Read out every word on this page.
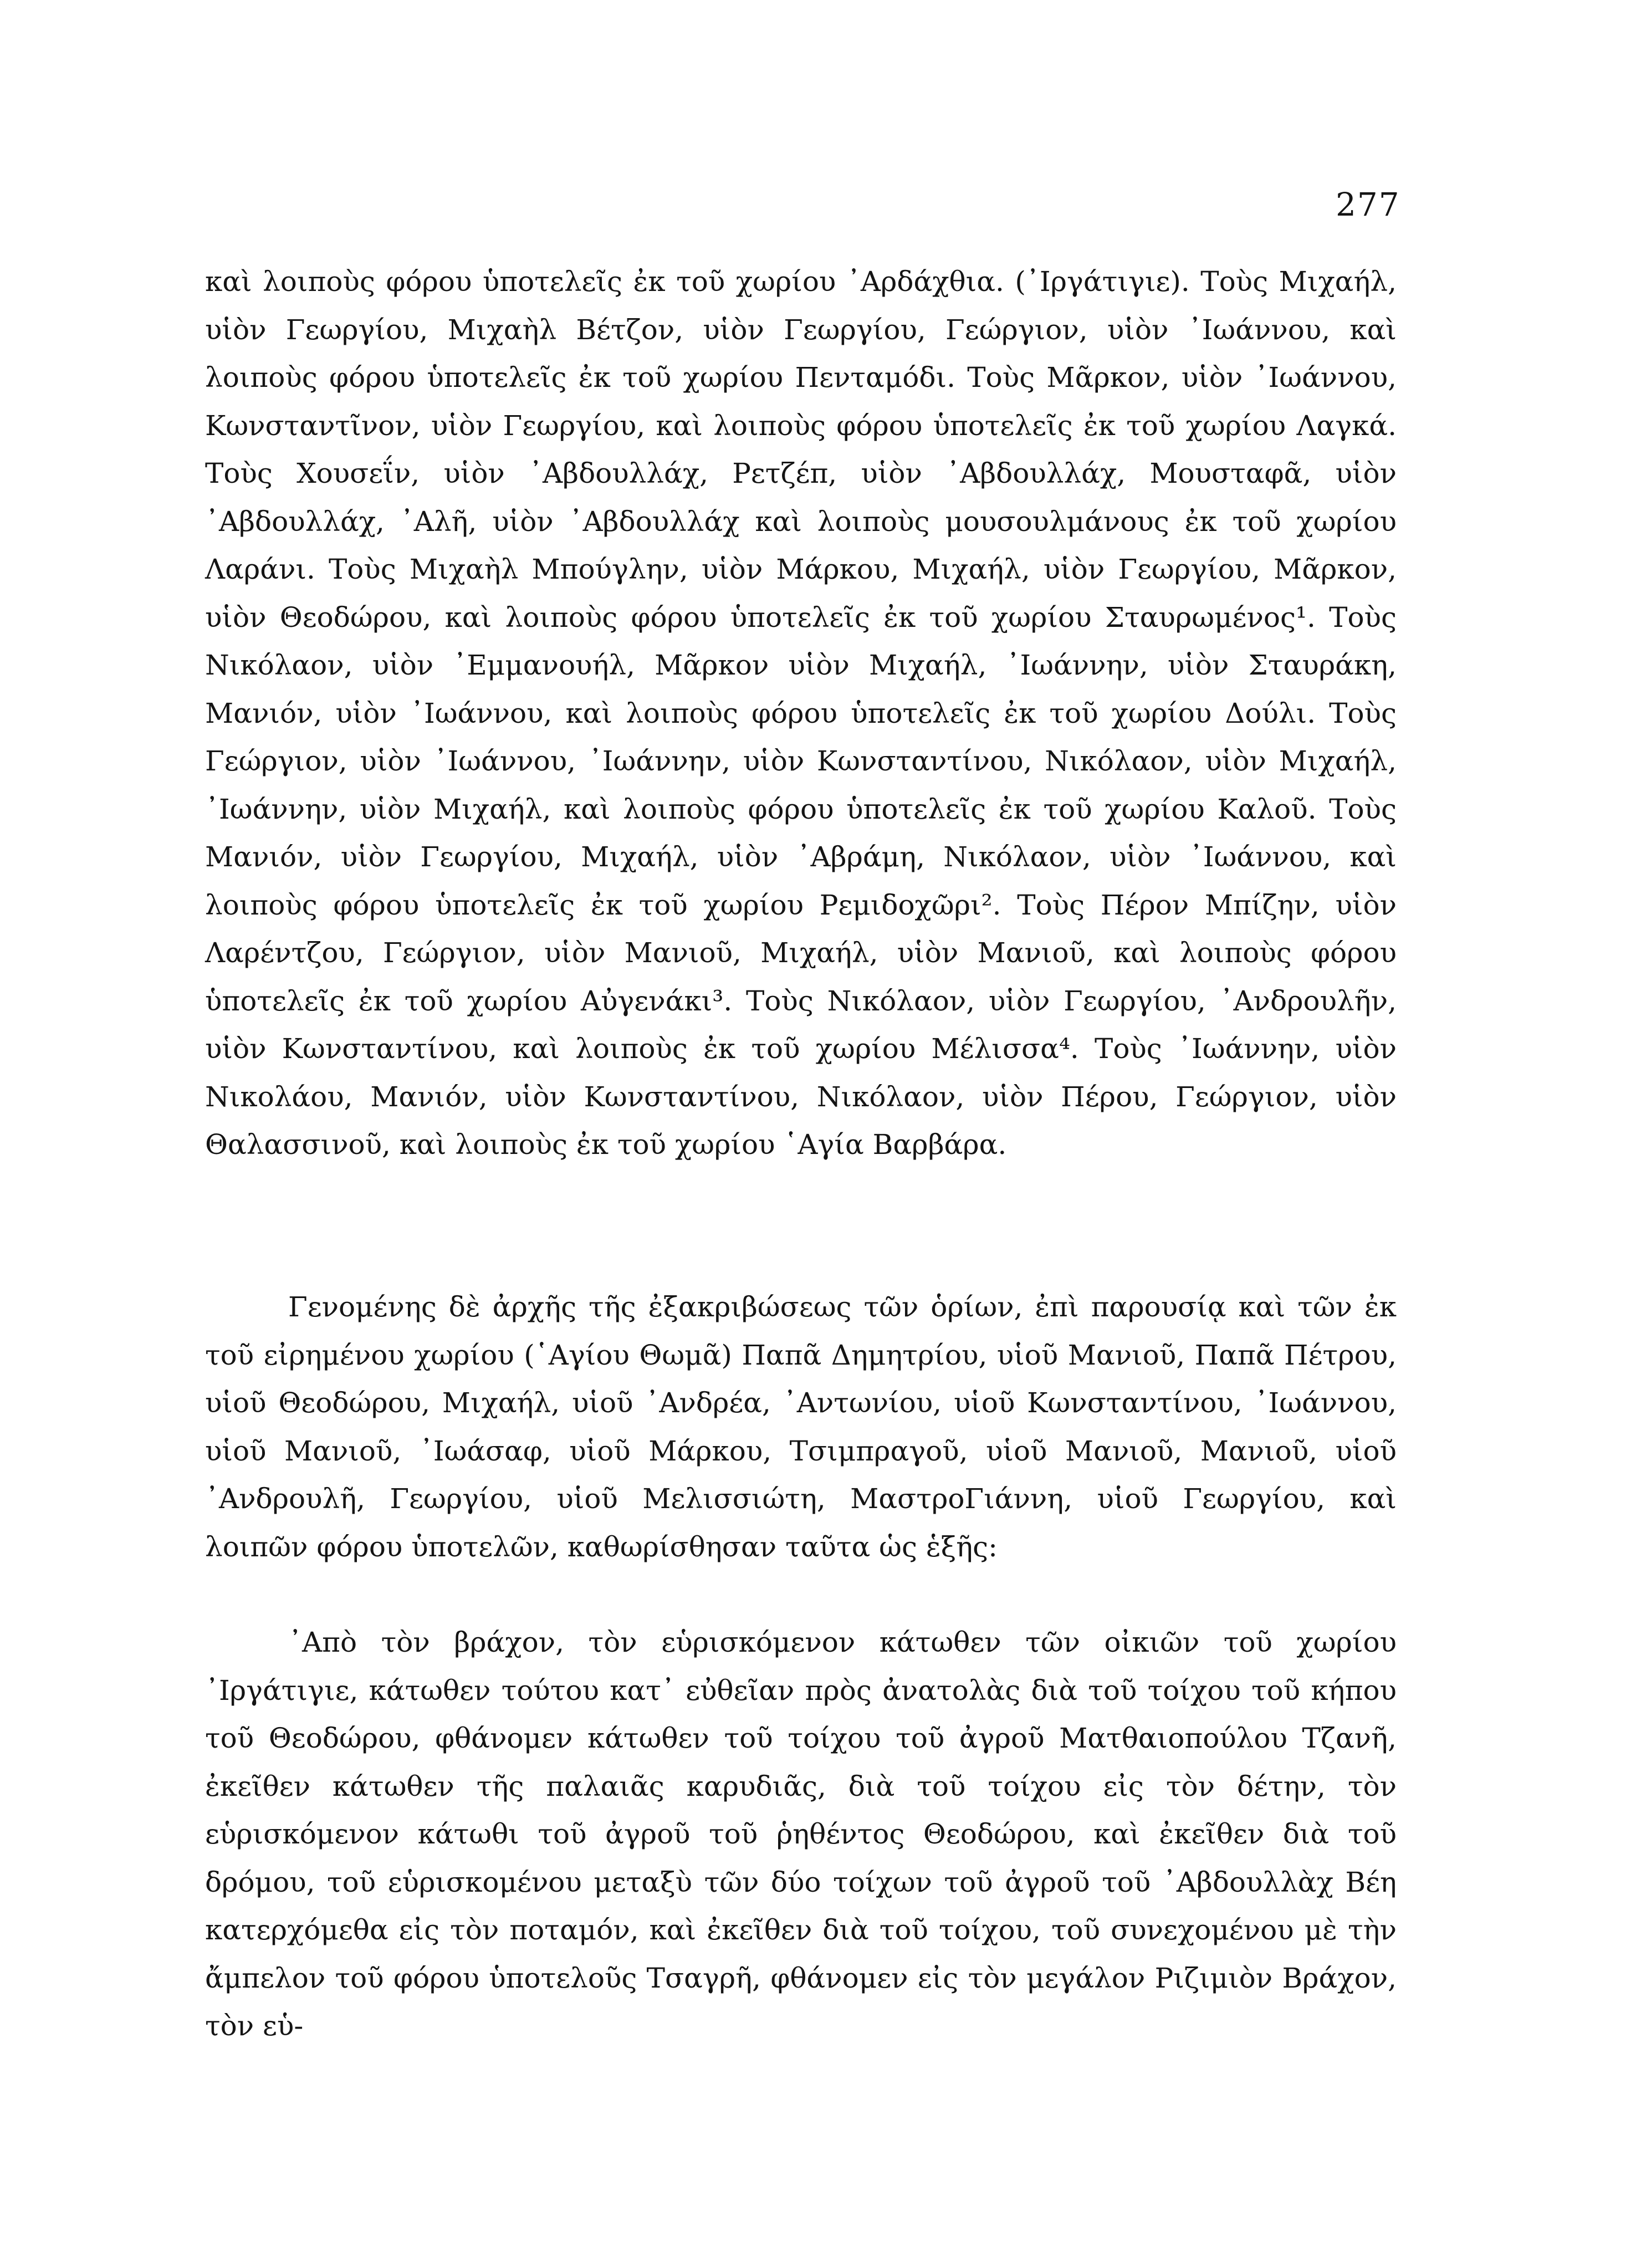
277

καὶ λοιποὺς φόρου ὑποτελεῖς ἐκ τοῦ χωρίου ᾿Αρδάχθια. (᾿Ιργάτιγιε). Τοὺς Μιχαήλ, υἱὸν Γεωργίου, Μιχαὴλ Βέτζον, υἱὸν Γεωργίου, Γεώργιον, υἱὸν ᾿Ιωάννου, καὶ λοιποὺς φόρου ὑποτελεῖς ἐκ τοῦ χωρίου Πενταμόδι. Τοὺς Μᾶρκον, υἱὸν ᾿Ιωάννου, Κωνσταντῖνον, υἱὸν Γεωργίου, καὶ λοιποὺς φόρου ὑποτελεῖς ἐκ τοῦ χωρίου Λαγκά. Τοὺς Χουσεΐν, υἱὸν ᾿Αβδουλλάχ, Ρετζέπ, υἱὸν ᾿Αβδουλλάχ, Μουσταφᾶ, υἱὸν ᾿Αβδουλλάχ, ᾿Αλῆ, υἱὸν ᾿Αβδουλλάχ καὶ λοιποὺς μουσουλμάνους ἐκ τοῦ χωρίου Λαράνι. Τοὺς Μιχαὴλ Μπούγλην, υἱὸν Μάρκου, Μιχαήλ, υἱὸν Γεωργίου, Μᾶρκον, υἱὸν Θεοδώρου, καὶ λοιποὺς φόρου ὑποτελεῖς ἐκ τοῦ χωρίου Σταυρωμένος¹. Τοὺς Νικόλαον, υἱὸν ᾿Εμμανουήλ, Μᾶρκον υἱὸν Μιχαήλ, ᾿Ιωάννην, υἱὸν Σταυράκη, Μανιόν, υἱὸν ᾿Ιωάννου, καὶ λοιποὺς φόρου ὑποτελεῖς ἐκ τοῦ χωρίου Δούλι. Τοὺς Γεώργιον, υἱὸν ᾿Ιωάννου, ᾿Ιωάννην, υἱὸν Κωνσταντίνου, Νικόλαον, υἱὸν Μιχαήλ, ᾿Ιωάννην, υἱὸν Μιχαήλ, καὶ λοιποὺς φόρου ὑποτελεῖς ἐκ τοῦ χωρίου Καλοῦ. Τοὺς Μανιόν, υἱὸν Γεωργίου, Μιχαήλ, υἱὸν ᾿Αβράμη, Νικόλαον, υἱὸν ᾿Ιωάννου, καὶ λοιποὺς φόρου ὑποτελεῖς ἐκ τοῦ χωρίου Ρεμιδοχῶρι². Τοὺς Πέρον Μπίζην, υἱὸν Λαρέντζου, Γεώργιον, υἱὸν Μανιοῦ, Μιχαήλ, υἱὸν Μανιοῦ, καὶ λοιποὺς φόρου ὑποτελεῖς ἐκ τοῦ χωρίου Αὐγενάκι³. Τοὺς Νικόλαον, υἱὸν Γεωργίου, ᾿Ανδρουλῆν, υἱὸν Κωνσταντίνου, καὶ λοιποὺς ἐκ τοῦ χωρίου Μέλισσα⁴. Τοὺς ᾿Ιωάννην, υἱὸν Νικολάου, Μανιόν, υἱὸν Κωνσταντίνου, Νικόλαον, υἱὸν Πέρου, Γεώργιον, υἱὸν Θαλασσινοῦ, καὶ λοιποὺς ἐκ τοῦ χωρίου ῾Αγία Βαρβάρα.

Γενομένης δὲ ἀρχῆς τῆς ἐξακριβώσεως τῶν ὁρίων, ἐπὶ παρουσίᾳ καὶ τῶν ἐκ τοῦ εἰρημένου χωρίου (῾Αγίου Θωμᾶ) Παπᾶ Δημητρίου, υἱοῦ Μανιοῦ, Παπᾶ Πέτρου, υἱοῦ Θεοδώρου, Μιχαήλ, υἱοῦ ᾿Ανδρέα, ᾿Αντωνίου, υἱοῦ Κωνσταντίνου, ᾿Ιωάννου, υἱοῦ Μανιοῦ, ᾿Ιωάσαφ, υἱοῦ Μάρκου, Τσιμπραγοῦ, υἱοῦ Μανιοῦ, Μανιοῦ, υἱοῦ ᾿Ανδρουλῆ, Γεωργίου, υἱοῦ Μελισσιώτη, ΜαστροΓιάννη, υἱοῦ Γεωργίου, καὶ λοιπῶν φόρου ὑποτελῶν, καθωρίσθησαν ταῦτα ὡς ἑξῆς:

᾿Απὸ τὸν βράχον, τὸν εὑρισκόμενον κάτωθεν τῶν οἰκιῶν τοῦ χωρίου ᾿Ιργάτιγιε, κάτωθεν τούτου κατ᾿ εὐθεῖαν πρὸς ἀνατολὰς διὰ τοῦ τοίχου τοῦ κήπου τοῦ Θεοδώρου, φθάνομεν κάτωθεν τοῦ τοίχου τοῦ ἀγροῦ Ματθαιοπούλου Τζανῆ, ἐκεῖθεν κάτωθεν τῆς παλαιᾶς καρυδιᾶς, διὰ τοῦ τοίχου εἰς τὸν δέτην, τὸν εὑρισκόμενον κάτωθι τοῦ ἀγροῦ τοῦ ῥηθέντος Θεοδώρου, καὶ ἐκεῖθεν διὰ τοῦ δρόμου, τοῦ εὑρισκομένου μεταξὺ τῶν δύο τοίχων τοῦ ἀγροῦ τοῦ ᾿Αβδουλλὰχ Βέη κατερχόμεθα εἰς τὸν ποταμόν, καὶ ἐκεῖθεν διὰ τοῦ τοίχου, τοῦ συνεχομένου μὲ τὴν ἄμπελον τοῦ φόρου ὑποτελοῦς Τσαγρῆ, φθάνομεν εἰς τὸν μεγάλον Ριζιμιὸν Βράχον, τὸν εὑ-
